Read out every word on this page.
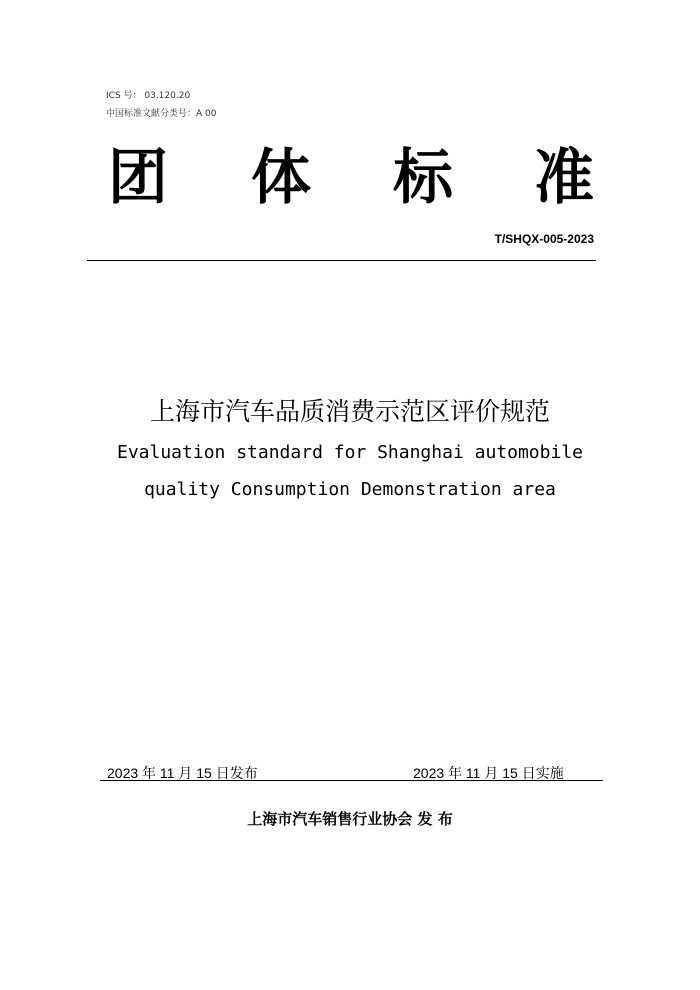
ICS 号： 03.120.20
中国标准文献分类号：A 00
团 体 标 准
T/SHQX-005-2023
上海市汽车品质消费示范区评价规范
Evaluation standard for Shanghai automobile
quality Consumption Demonstration area
2023 年 11 月 15 日发布	2023 年 11 月 15 日实施
上海市汽车销售行业协会 发 布
